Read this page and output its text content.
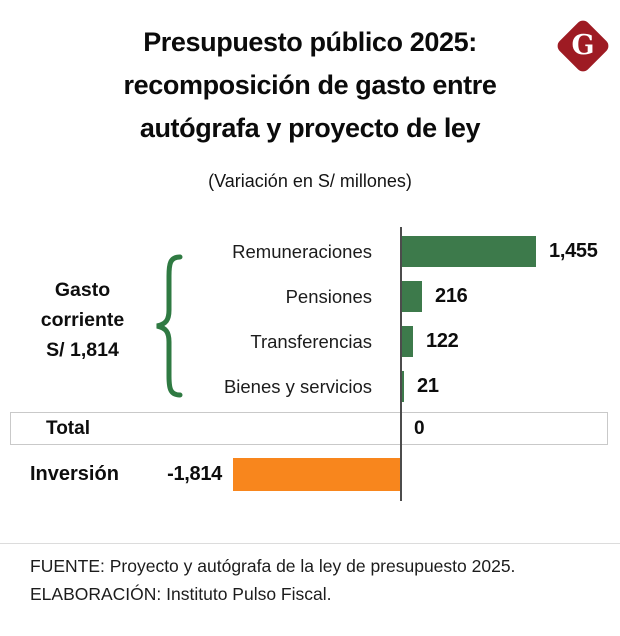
Presupuesto público 2025:
recomposición de gasto entre
autógrafa y proyecto de ley
G
(Variación en S/ millones)
Gasto
corriente
S/ 1,814
Remuneraciones	1,455
Pensiones	216
Transferencias	122
Bienes y servicios 21
Total	0
Inversión	-1,814
FUENTE: Proyecto y autógrafa de la ley de presupuesto 2025.
ELABORACIÓN: Instituto Pulso Fiscal.
